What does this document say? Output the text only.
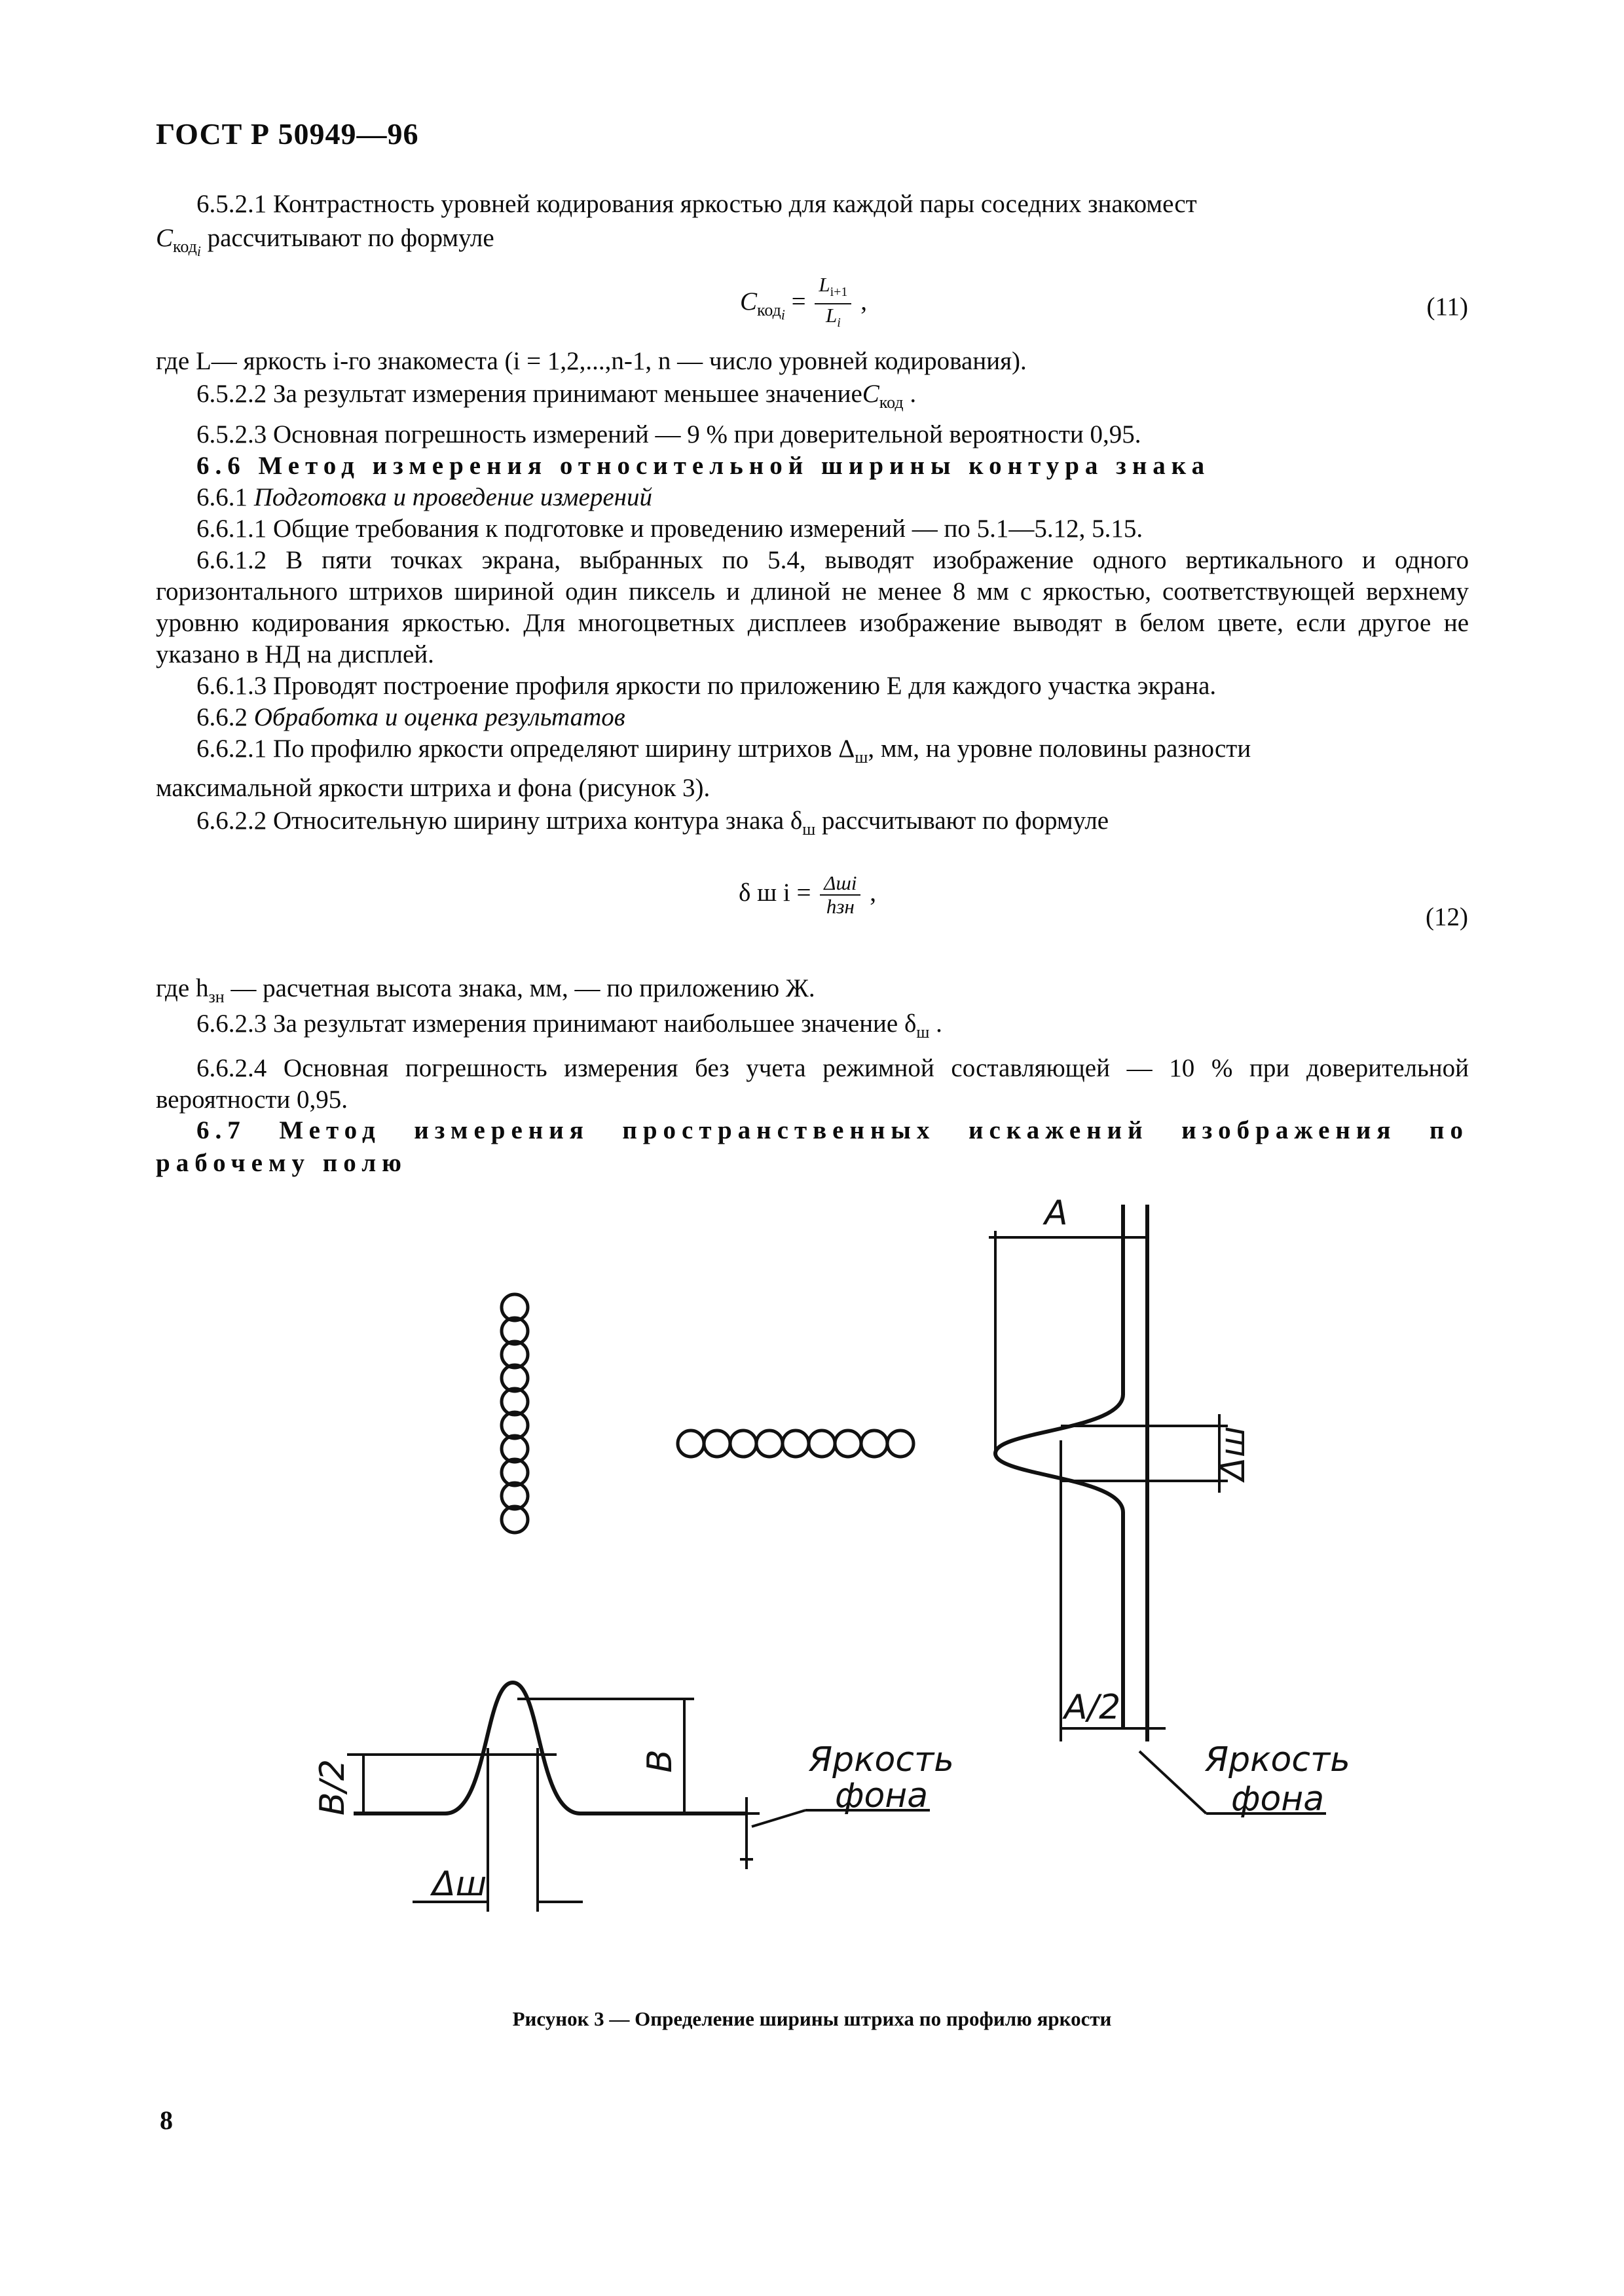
ГОСТ Р 50949—96
6.5.2.1 Контрастность уровней кодирования яркостью для каждой пары соседних знакомест
$C_{код_i}$ рассчитывают по формуле
$C_{код_i} = \frac{L_{i+1}}{L_i}$ ,	(11)
где L— яркость i-го знакоместа (i = 1,2,...,n-1, n — число уровней кодирования).
6.5.2.2 За результат измерения принимают меньшее значениеC$_{код}$ .
6.5.2.3 Основная погрешность измерений — 9 % при доверительной вероятности 0,95.
6.6 Метод измерения относительной ширины контура знака
6.6.1 Подготовка и проведение измерений
6.6.1.1 Общие требования к подготовке и проведению измерений — по 5.1—5.12, 5.15.
6.6.1.2 В пяти точках экрана, выбранных по 5.4, выводят изображение одного вертикального и одного горизонтального штрихов шириной один пиксель и длиной не менее 8 мм с яркостью, соответствующей верхнему уровню кодирования яркостью. Для многоцветных дисплеев изображение выводят в белом цвете, если другое не указано в НД на дисплей.
6.6.1.3 Проводят построение профиля яркости по приложению Е для каждого участка экрана.
6.6.2 Обработка и оценка результатов
6.6.2.1 По профилю яркости определяют ширину штрихов $\Delta_ш$, мм, на уровне половины разности
максимальной яркости штриха и фона (рисунок 3).
6.6.2.2 Относительную ширину штриха контура знака $\delta_ш$ рассчитывают по формуле
δ ш $i = \frac{\text{Δшi}}{\text{hзн}}$ ,
(12)
где $h_{зн}$ — расчетная высота знака, мм, — по приложению Ж.
6.6.2.3 За результат измерения принимают наибольшее значение $\delta_ш$ .
6.6.2.4 Основная погрешность измерения без учета режимной составляющей — 10 % при доверительной вероятности 0,95.
6.7 Метод измерения пространственных искажений изображения по рабочему полю
A
A/2
Δш
B
B/2
Δш
Яркость
фона
Яркость
фона
Рисунок 3 — Определение ширины штриха по профилю яркости
8
